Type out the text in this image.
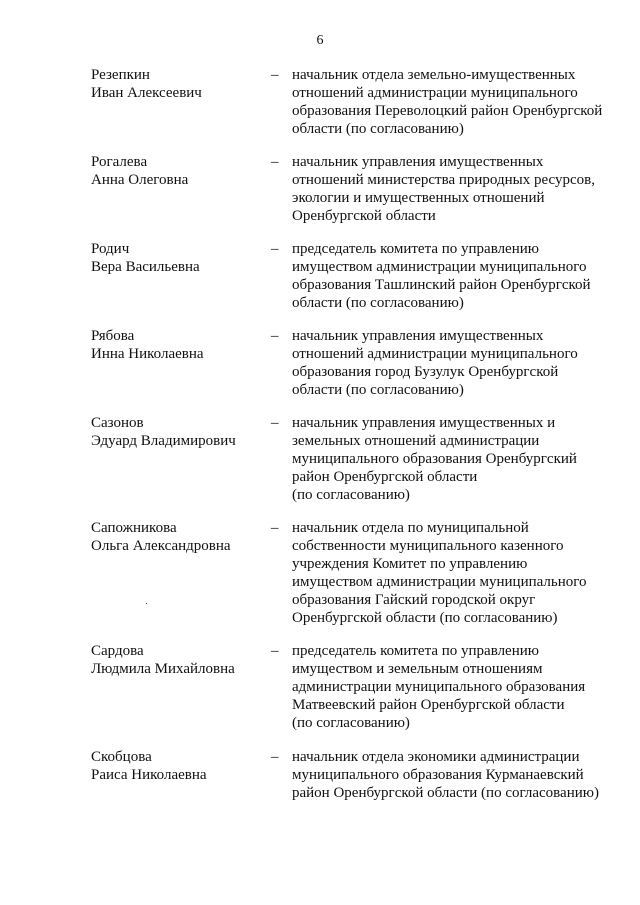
6
Резепкин
Иван Алексеевич
– начальник отдела земельно-имущественных
отношений администрации муниципального
образования Переволоцкий район Оренбургской
области (по согласованию)
Рогалева
Анна Олеговна
– начальник управления имущественных
отношений министерства природных ресурсов,
экологии и имущественных отношений
Оренбургской области
Родич
Вера Васильевна
– председатель комитета по управлению
имуществом администрации муниципального
образования Ташлинский район Оренбургской
области (по согласованию)
Рябова
Инна Николаевна
– начальник управления имущественных
отношений администрации муниципального
образования город Бузулук Оренбургской
области (по согласованию)
Сазонов
Эдуард Владимирович
– начальник управления имущественных и
земельных отношений администрации
муниципального образования Оренбургский
район Оренбургской области
(по согласованию)
Сапожникова
Ольга Александровна
– начальник отдела по муниципальной
собственности муниципального казенного
учреждения Комитет по управлению
имуществом администрации муниципального
образования Гайский городской округ
Оренбургской области (по согласованию)
Сардова
Людмила Михайловна
– председатель комитета по управлению
имуществом и земельным отношениям
администрации муниципального образования
Матвеевский район Оренбургской области
(по согласованию)
Скобцова
Раиса Николаевна
– начальник отдела экономики администрации
муниципального образования Курманаевский
район Оренбургской области (по согласованию)
